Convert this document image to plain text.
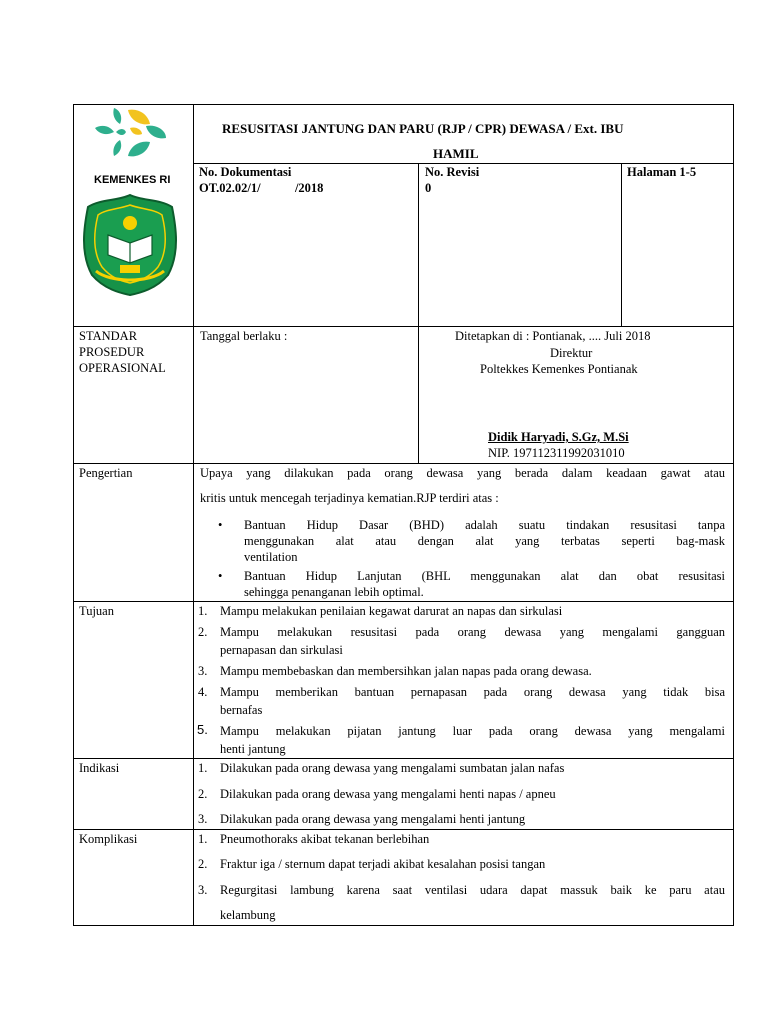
KEMENKES RI
RESUSITASI JANTUNG DAN PARU (RJP / CPR) DEWASA / Ext. IBU
HAMIL
No. Dokumentasi
OT.02.02/1/           /2018
No. Revisi
0
Halaman 1-5
STANDAR
PROSEDUR
OPERASIONAL
Tanggal berlaku :	Ditetapkan di : Pontianak, .... Juli 2018
Direktur
Poltekkes Kemenkes Pontianak
Didik Haryadi, S.Gz, M.Si
NIP. 197112311992031010
Pengertian	Upaya yang dilakukan pada orang dewasa yang berada dalam keadaan gawat atau
kritis untuk mencegah terjadinya kematian.RJP terdiri atas :
• Bantuan Hidup Dasar (BHD) adalah suatu tindakan resusitasi tanpa
menggunakan alat atau dengan alat yang terbatas seperti bag-mask
ventilation
• Bantuan Hidup Lanjutan (BHL menggunakan alat dan obat resusitasi
sehingga penanganan lebih optimal.
Tujuan	1. Mampu melakukan penilaian kegawat darurat an napas dan sirkulasi
2. Mampu melakukan resusitasi pada orang dewasa yang mengalami gangguan
pernapasan dan sirkulasi
3. Mampu membebaskan dan membersihkan jalan napas pada orang dewasa.
4. Mampu memberikan bantuan pernapasan pada orang dewasa yang tidak bisa
bernafas
5. Mampu melakukan pijatan jantung luar pada orang dewasa yang mengalami
henti jantung
Indikasi	1. Dilakukan pada orang dewasa yang mengalami sumbatan jalan nafas
2. Dilakukan pada orang dewasa yang mengalami henti napas / apneu
3. Dilakukan pada orang dewasa yang mengalami henti jantung
Komplikasi	1. Pneumothoraks akibat tekanan berlebihan
2. Fraktur iga / sternum dapat terjadi akibat kesalahan posisi tangan
3. Regurgitasi lambung karena saat ventilasi udara dapat massuk baik ke paru atau
kelambung
